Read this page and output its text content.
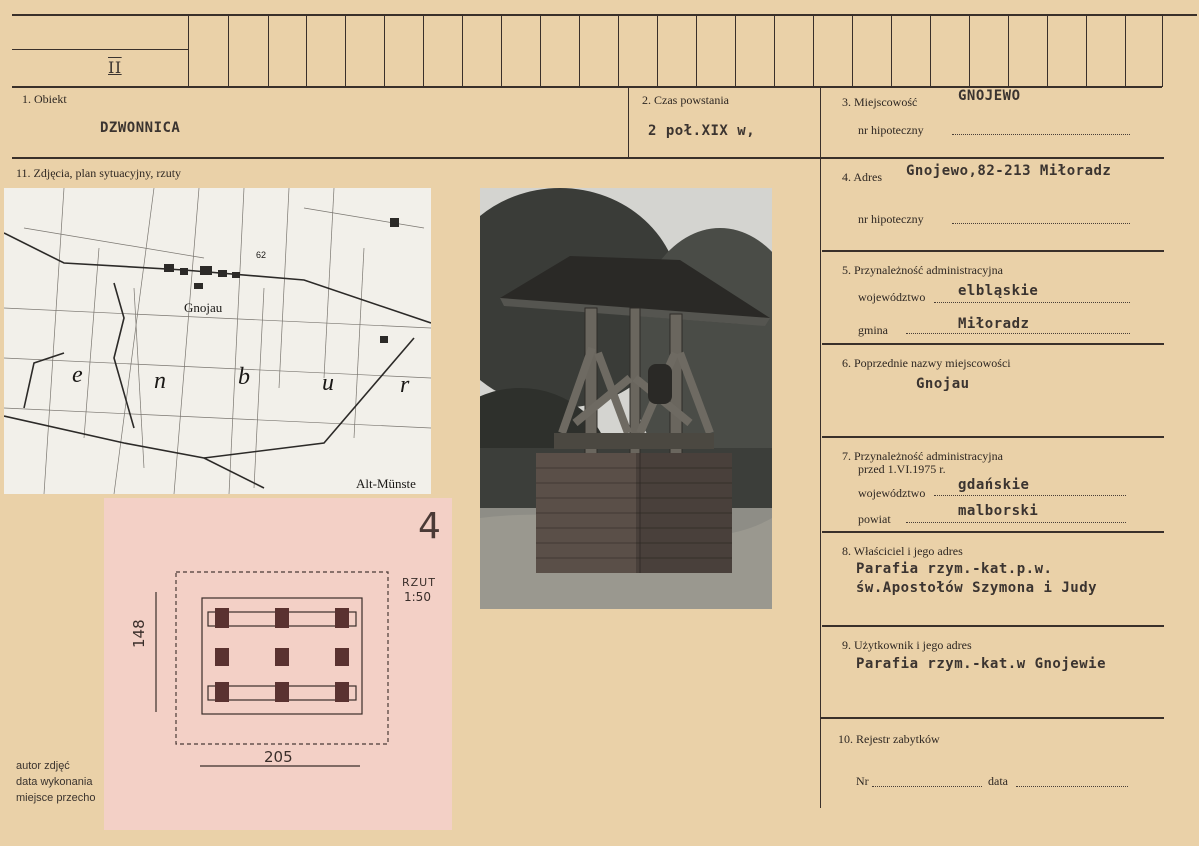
II
1. Obiekt
DZWONNICA
2. Czas powstania
2 poł.XIX w,
3. Miejscowość	GNOJEWO
nr hipoteczny
4. Adres Gnojewo,82-213 Miłoradz
nr hipoteczny
5. Przynależność administracyjna
województwo elbląskie
gmina	Miłoradz
6. Poprzednie nazwy miejscowości
Gnojau
7. Przynależność administracyjna
przed 1.VI.1975 r.
województwo gdańskie
powiat	malborski
8. Właściciel i jego adres
Parafia rzym.-kat.p.w.
św.Apostołów Szymona i Judy
9. Użytkownik i jego adres
Parafia rzym.-kat.w Gnojewie
10. Rejestr zabytków
Nr	data
11. Zdjęcia, plan sytuacyjny, rzuty
Gnojau
e	n	b	u	r
62
Alt-Münste
4
RZUT
1:50
205
148
autor zdjęć
data wykonania
miejsce przecho
